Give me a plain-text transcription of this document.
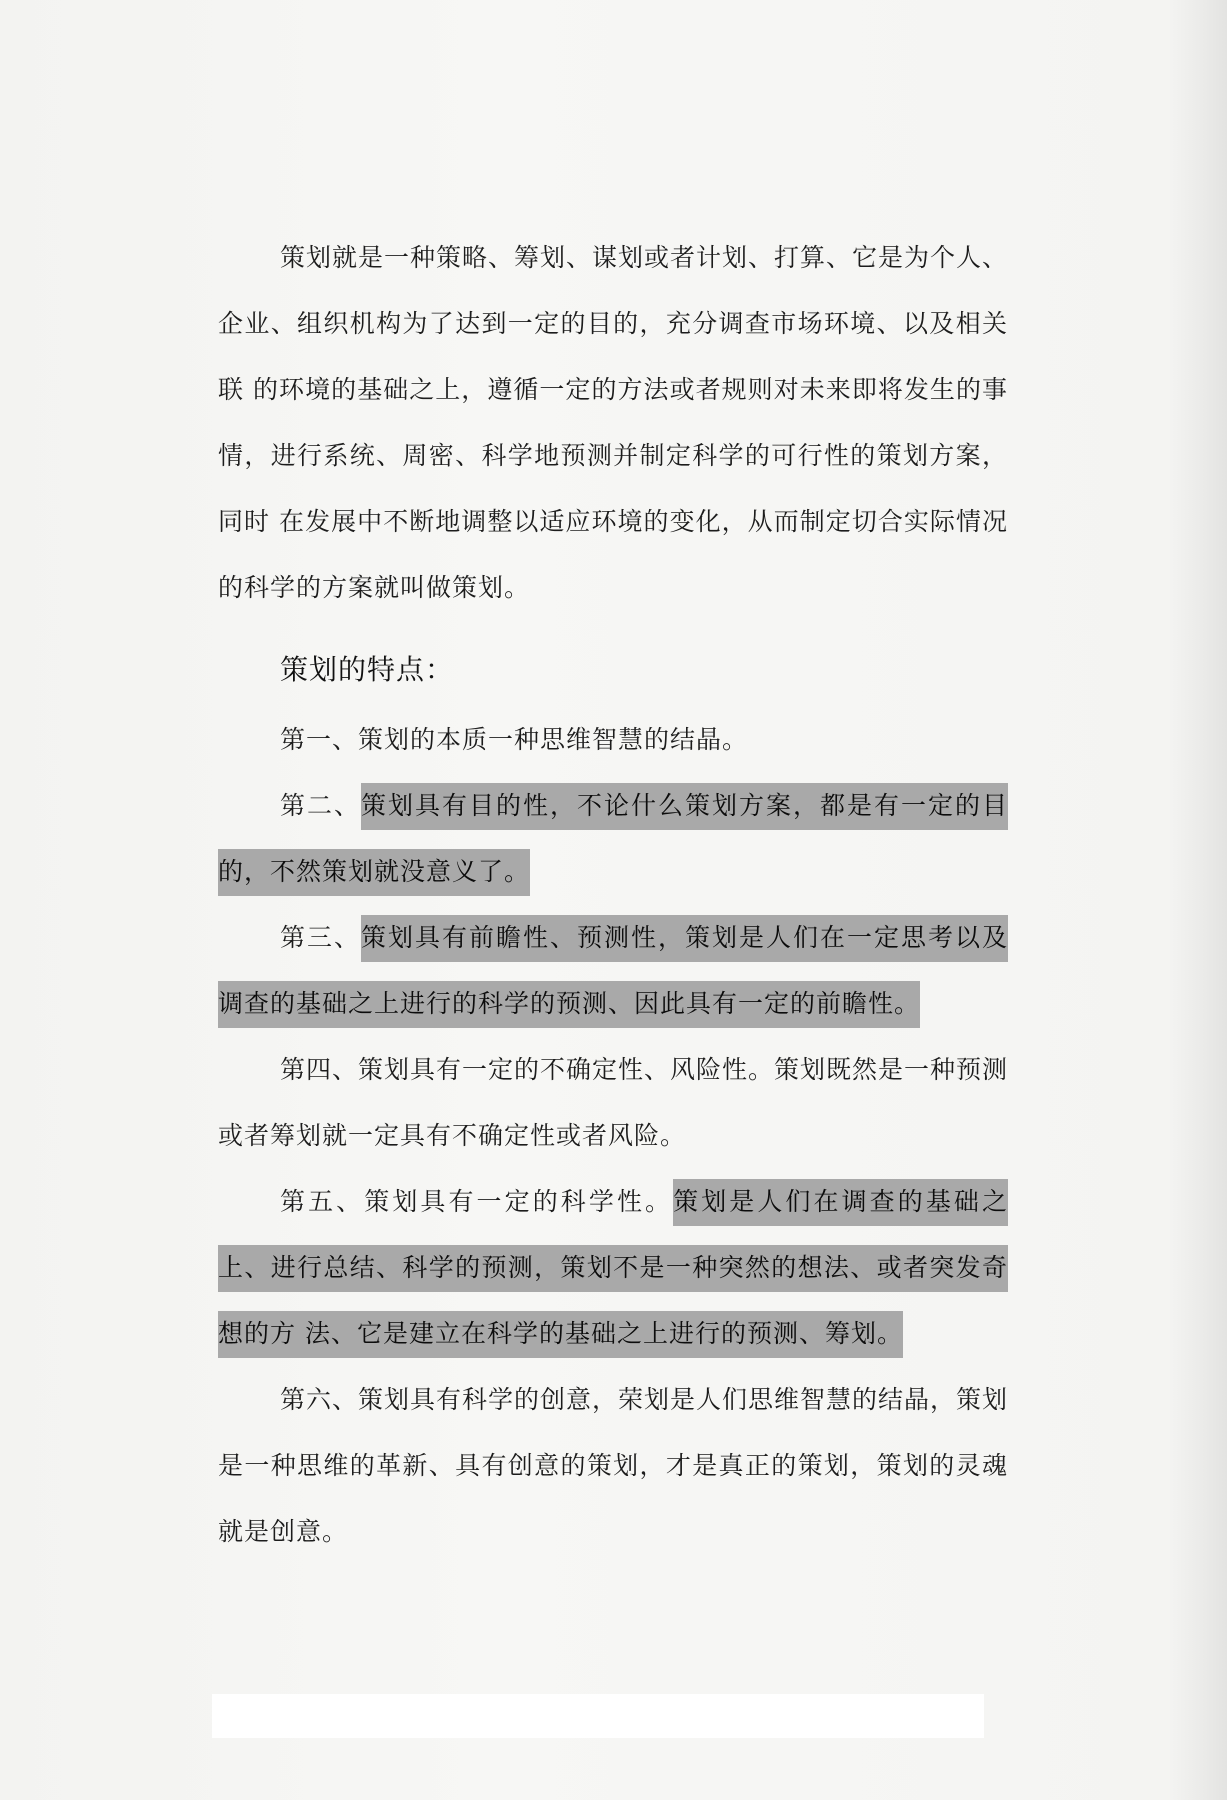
策划就是一种策略、筹划、谋划或者计划、打算、它是为个人、企业、组织机构为了达到一定的目的，充分调查市场环境、以及相关联 的环境的基础之上，遵循一定的方法或者规则对未来即将发生的事情，进行系统、周密、科学地预测并制定科学的可行性的策划方案，同时 在发展中不断地调整以适应环境的变化，从而制定切合实际情况的科学的方案就叫做策划。

策划的特点：

第一、策划的本质一种思维智慧的结晶。

第二、策划具有目的性，不论什么策划方案，都是有一定的目的，不然策划就没意义了。

第三、策划具有前瞻性、预测性，策划是人们在一定思考以及调查的基础之上进行的科学的预测、因此具有一定的前瞻性。

第四、策划具有一定的不确定性、风险性。策划既然是一种预测或者筹划就一定具有不确定性或者风险。

第五、策划具有一定的科学性。策划是人们在调查的基础之上、进行总结、科学的预测，策划不是一种突然的想法、或者突发奇想的方 法、它是建立在科学的基础之上进行的预测、筹划。

第六、策划具有科学的创意，荣划是人们思维智慧的结晶，策划是一种思维的革新、具有创意的策划，才是真正的策划，策划的灵魂就是创意。
